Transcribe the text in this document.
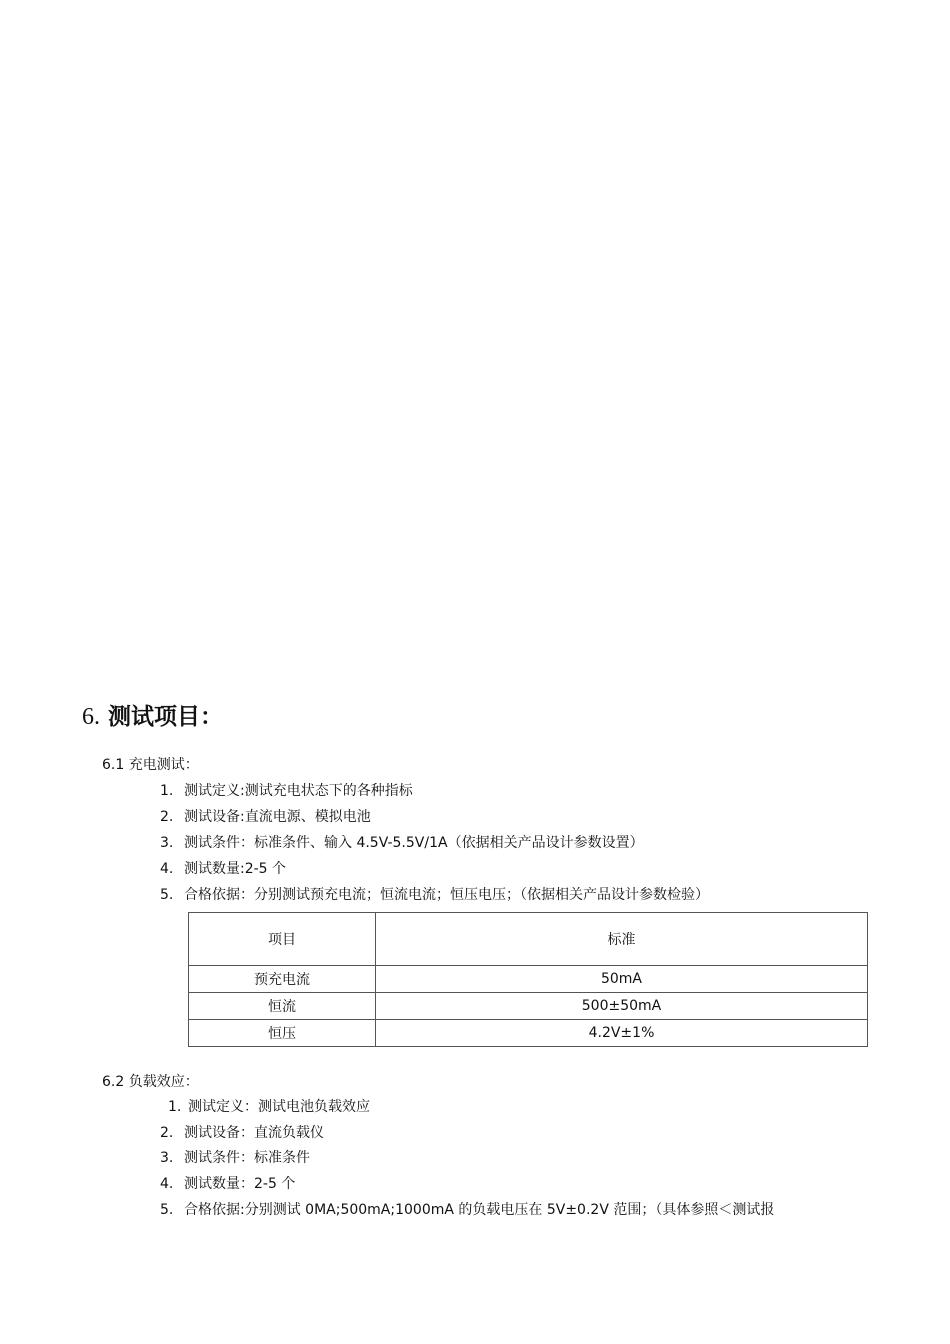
6. 测试项目：
6.1 充电测试：
1. 测试定义:测试充电状态下的各种指标
2. 测试设备:直流电源、模拟电池
3. 测试条件：标准条件、输入 4.5V-5.5V/1A（依据相关产品设计参数设置）
4. 测试数量:2-5 个
5. 合格依据：分别测试预充电流；恒流电流；恒压电压；（依据相关产品设计参数检验）
项目	标准
预充电流	50mA
恒流	500±50mA
恒压	4.2V±1%
6.2 负载效应：
1. 测试定义：测试电池负载效应
2. 测试设备：直流负载仪
3. 测试条件：标准条件
4. 测试数量：2-5 个
5. 合格依据:分别测试 0MA;500mA;1000mA 的负载电压在 5V±0.2V 范围；（具体参照＜测试报
